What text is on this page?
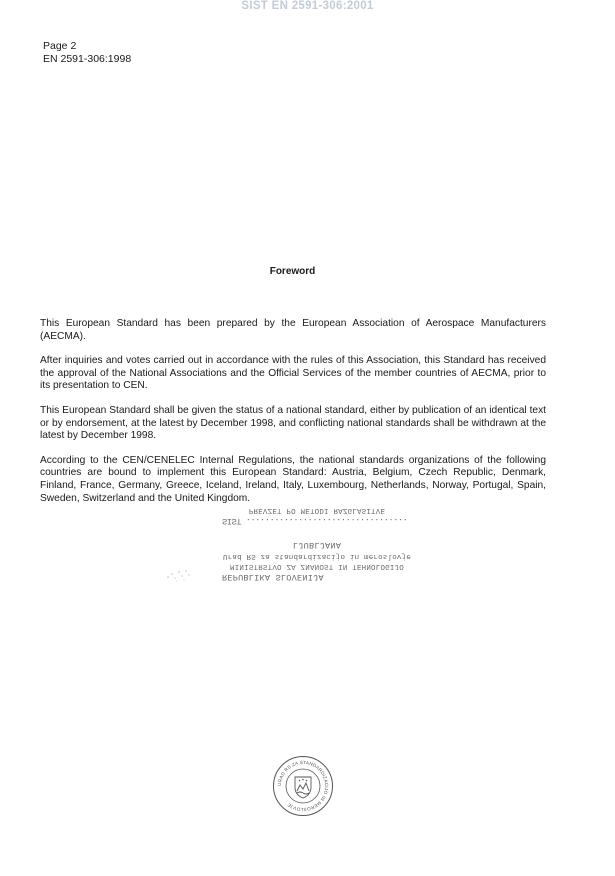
SIST EN 2591-306:2001
Page 2
EN 2591-306:1998
Foreword

This European Standard has been prepared by the European Association of Aerospace Manufacturers (AECMA).

After inquiries and votes carried out in accordance with the rules of this Association, this Standard has received the approval of the National Associations and the Official Services of the member countries of AECMA, prior to its presentation to CEN.

This European Standard shall be given the status of a national standard, either by publication of an identical text or by endorsement, at the latest by December 1998, and conflicting national standards shall be withdrawn at the latest by December 1998.

According to the CEN/CENELEC Internal Regulations, the national standards organizations of the following countries are bound to implement this European Standard: Austria, Belgium, Czech Republic, Denmark, Finland, France, Germany, Greece, Iceland, Ireland, Italy, Luxembourg, Netherlands, Norway, Portugal, Spain, Sweden, Switzerland and the United Kingdom.

REPUBLIKA SLOVENIJA
MINISTRSTVO ZA ZNANOST IN TEHNOLOGIJO
Urad RS za standardizacijo in meroslovje
LJUBLJANA
SIST ..................................
PREVZET PO METODI RAZGLASITVE
URAD RS ZA STANDARDIZACIJO IN MEROSLOVJE
